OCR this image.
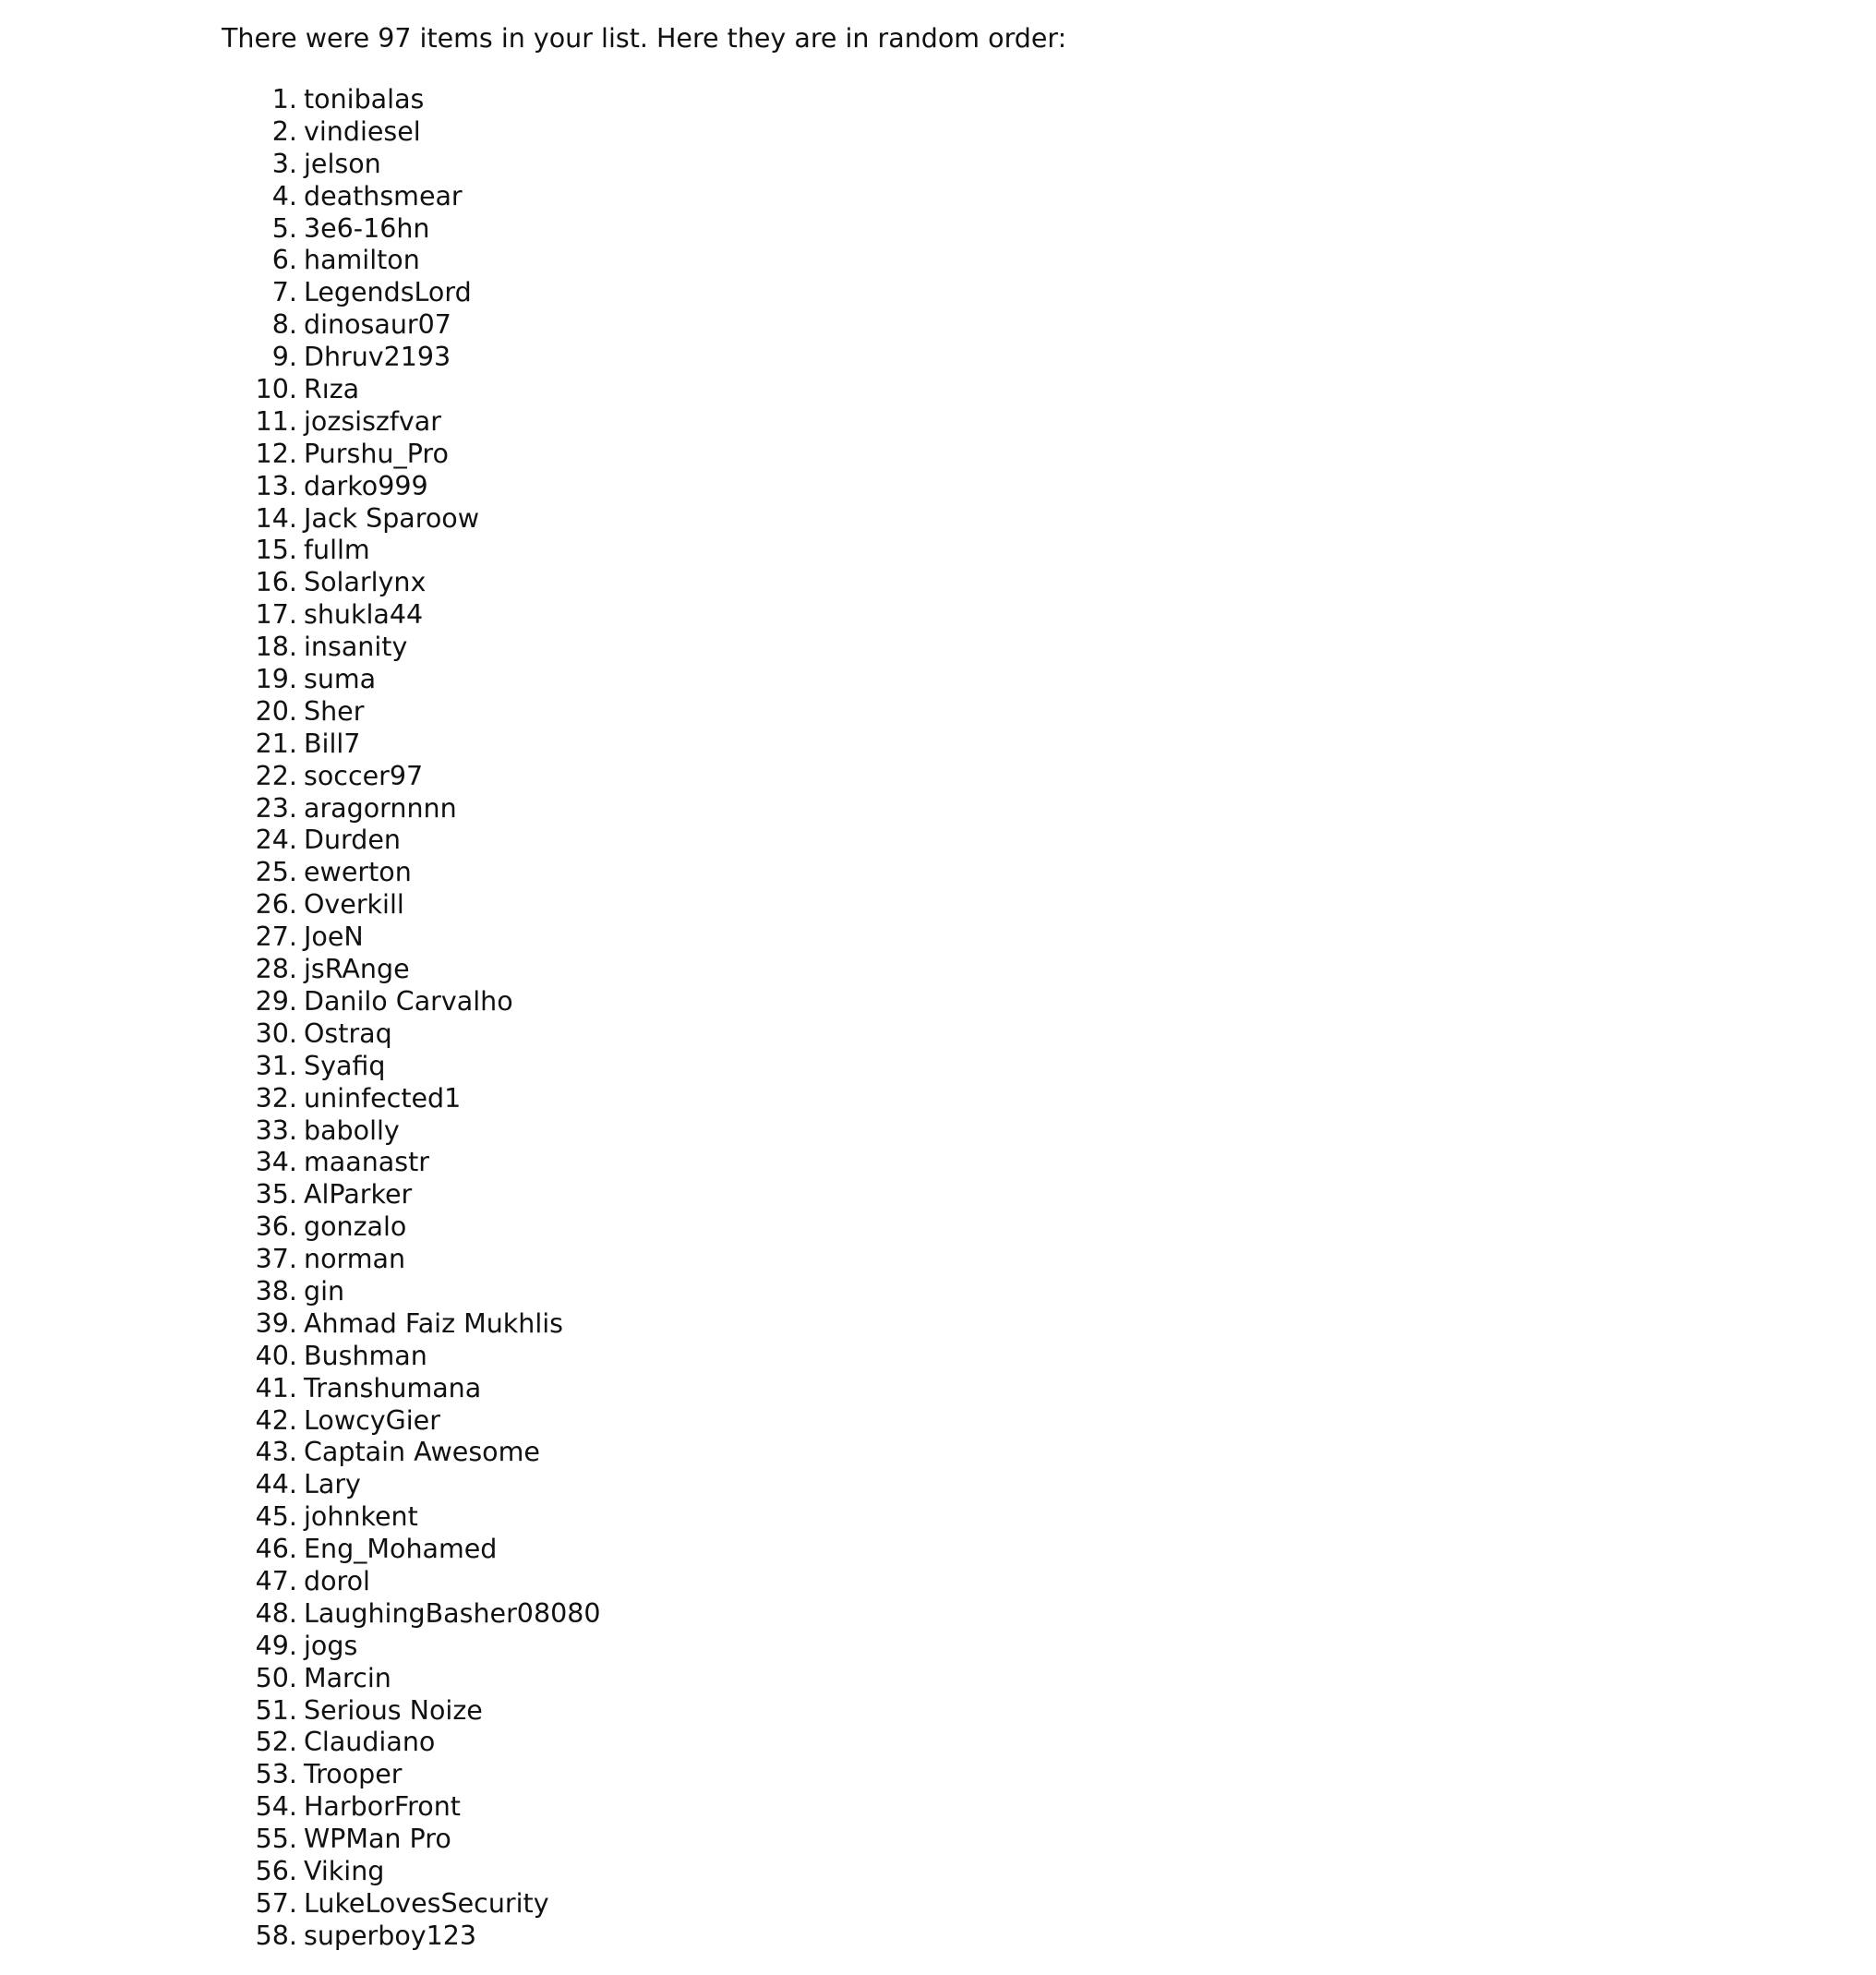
There were 97 items in your list. Here they are in random order:

1. tonibalas
2. vindiesel
3. jelson
4. deathsmear
5. 3e6-16hn
6. hamilton
7. LegendsLord
8. dinosaur07
9. Dhruv2193
10. Rıza
11. jozsiszfvar
12. Purshu_Pro
13. darko999
14. Jack Sparoow
15. fullm
16. Solarlynx
17. shukla44
18. insanity
19. suma
20. Sher
21. Bill7
22. soccer97
23. aragornnnn
24. Durden
25. ewerton
26. Overkill
27. JoeN
28. jsRAnge
29. Danilo Carvalho
30. Ostraq
31. Syafiq
32. uninfected1
33. babolly
34. maanastr
35. AlParker
36. gonzalo
37. norman
38. gin
39. Ahmad Faiz Mukhlis
40. Bushman
41. Transhumana
42. LowcyGier
43. Captain Awesome
44. Lary
45. johnkent
46. Eng_Mohamed
47. dorol
48. LaughingBasher08080
49. jogs
50. Marcin
51. Serious Noize
52. Claudiano
53. Trooper
54. HarborFront
55. WPMan Pro
56. Viking
57. LukeLovesSecurity
58. superboy123
